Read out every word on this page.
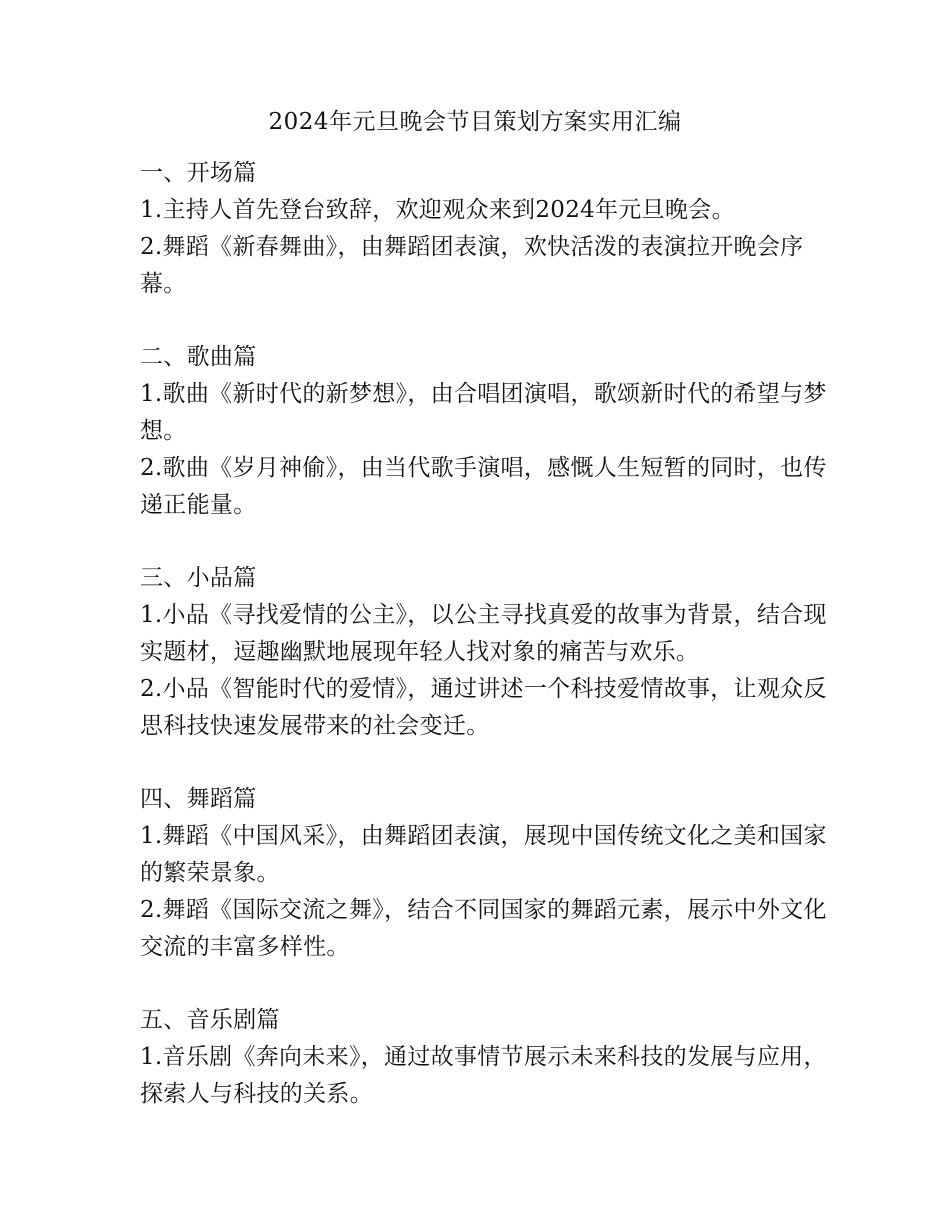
2024年元旦晚会节目策划方案实用汇编
一、开场篇
1.主持人首先登台致辞，欢迎观众来到2024年元旦晚会。
2.舞蹈《新春舞曲》，由舞蹈团表演，欢快活泼的表演拉开晚会序幕。
二、歌曲篇
1.歌曲《新时代的新梦想》，由合唱团演唱，歌颂新时代的希望与梦想。
2.歌曲《岁月神偷》，由当代歌手演唱，感慨人生短暂的同时，也传递正能量。
三、小品篇
1.小品《寻找爱情的公主》，以公主寻找真爱的故事为背景，结合现实题材，逗趣幽默地展现年轻人找对象的痛苦与欢乐。
2.小品《智能时代的爱情》，通过讲述一个科技爱情故事，让观众反思科技快速发展带来的社会变迁。
四、舞蹈篇
1.舞蹈《中国风采》，由舞蹈团表演，展现中国传统文化之美和国家的繁荣景象。
2.舞蹈《国际交流之舞》，结合不同国家的舞蹈元素，展示中外文化交流的丰富多样性。
五、音乐剧篇
1.音乐剧《奔向未来》，通过故事情节展示未来科技的发展与应用，探索人与科技的关系。
